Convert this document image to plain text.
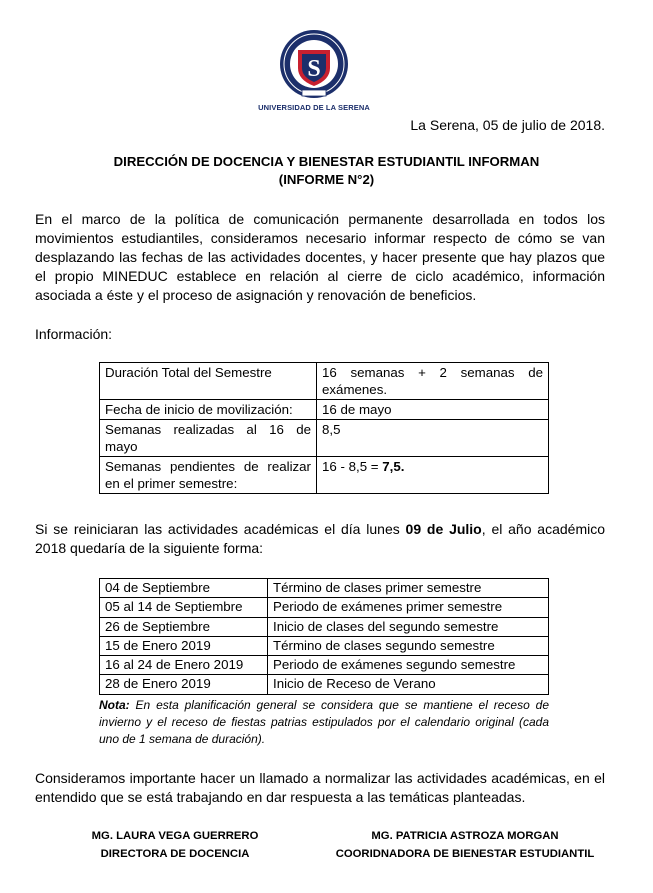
S
UNIVERSIDAD DE LA SERENA
La Serena, 05 de julio de 2018.
DIRECCIÓN DE DOCENCIA Y BIENESTAR ESTUDIANTIL INFORMAN
(INFORME N°2)
En el marco de la política de comunicación permanente desarrollada en todos los movimientos estudiantiles, consideramos necesario informar respecto de cómo se van desplazando las fechas de las actividades docentes, y hacer presente que hay plazos que el propio MINEDUC establece en relación al cierre de ciclo académico, información asociada a éste y el proceso de asignación y renovación de beneficios.
Información:
Duración Total del Semestre	16 semanas + 2 semanas de exámenes.
Fecha de inicio de movilización:	16 de mayo
Semanas realizadas al 16 de mayo	8,5
Semanas pendientes de realizar en el primer semestre:	16 - 8,5 = 7,5.
Si se reiniciaran las actividades académicas el día lunes 09 de Julio, el año académico 2018 quedaría de la siguiente forma:
04 de Septiembre	Término de clases primer semestre
05 al 14 de Septiembre	Periodo de exámenes primer semestre
26 de Septiembre	Inicio de clases del segundo semestre
15 de Enero 2019	Término de clases segundo semestre
16 al 24 de Enero 2019	Periodo de exámenes segundo semestre
28 de Enero 2019	Inicio de Receso de Verano
Nota: En esta planificación general se considera que se mantiene el receso de invierno y el receso de fiestas patrias estipulados por el calendario original (cada uno de 1 semana de duración).
Consideramos importante hacer un llamado a normalizar las actividades académicas, en el entendido que se está trabajando en dar respuesta a las temáticas planteadas.
MG. LAURA VEGA GUERRERO
DIRECTORA DE DOCENCIA
MG. PATRICIA ASTROZA MORGAN
COORIDNADORA DE BIENESTAR ESTUDIANTIL
